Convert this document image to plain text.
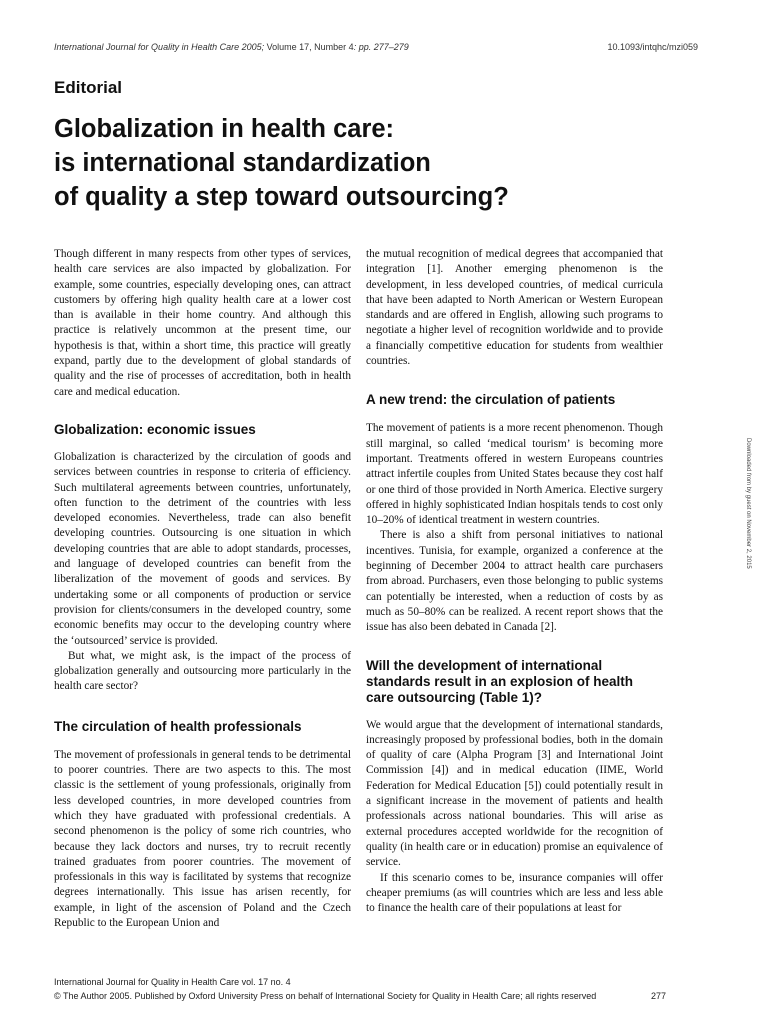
International Journal for Quality in Health Care 2005; Volume 17, Number 4: pp. 277–279	10.1093/intqhc/mzi059
Editorial
Globalization in health care:
is international standardization
of quality a step toward outsourcing?

Though different in many respects from other types of services, health care services are also impacted by globalization. For example, some countries, especially developing ones, can attract customers by offering high quality health care at a lower cost than is available in their home country. And although this practice is relatively uncommon at the present time, our hypothesis is that, within a short time, this practice will greatly expand, partly due to the development of global standards of quality and the rise of processes of accreditation, both in health care and medical education.

Globalization: economic issues

Globalization is characterized by the circulation of goods and services between countries in response to criteria of efficiency. Such multilateral agreements between countries, unfortunately, often function to the detriment of the countries with less developed economies. Nevertheless, trade can also benefit developing countries. Outsourcing is one situation in which developing countries that are able to adopt standards, processes, and language of developed countries can benefit from the liberalization of the movement of goods and services. By undertaking some or all components of production or service provision for clients/consumers in the developed country, some economic benefits may occur to the developing country where the ‘outsourced’ service is provided.

But what, we might ask, is the impact of the process of globalization generally and outsourcing more particularly in the health care sector?

The circulation of health professionals

The movement of professionals in general tends to be detrimental to poorer countries. There are two aspects to this. The most classic is the settlement of young professionals, originally from less developed countries, in more developed countries from which they have graduated with professional credentials. A second phenomenon is the policy of some rich countries, who because they lack doctors and nurses, try to recruit recently trained graduates from poorer countries. The movement of professionals in this way is facilitated by systems that recognize degrees internationally. This issue has arisen recently, for example, in light of the ascension of Poland and the Czech Republic to the European Union and

the mutual recognition of medical degrees that accompanied that integration [1]. Another emerging phenomenon is the development, in less developed countries, of medical curricula that have been adapted to North American or Western European standards and are offered in English, allowing such programs to negotiate a higher level of recognition worldwide and to provide a financially competitive education for students from wealthier countries.

A new trend: the circulation of patients

The movement of patients is a more recent phenomenon. Though still marginal, so called ‘medical tourism’ is becoming more important. Treatments offered in western Europeans countries attract infertile couples from United States because they cost half or one third of those provided in North America. Elective surgery offered in highly sophisticated Indian hospitals tends to cost only 10–20% of identical treatment in western countries.

There is also a shift from personal initiatives to national incentives. Tunisia, for example, organized a conference at the beginning of December 2004 to attract health care purchasers from abroad. Purchasers, even those belonging to public systems can potentially be interested, when a reduction of costs by as much as 50–80% can be realized. A recent report shows that the issue has also been debated in Canada [2].

Will the development of international standards result in an explosion of health care outsourcing (Table 1)?

We would argue that the development of international standards, increasingly proposed by professional bodies, both in the domain of quality of care (Alpha Program [3] and International Joint Commission [4]) and in medical education (IIME, World Federation for Medical Education [5]) could potentially result in a significant increase in the movement of patients and health professionals across national boundaries. This will arise as external procedures accepted worldwide for the recognition of quality (in health care or in education) promise an equivalence of service.

If this scenario comes to be, insurance companies will offer cheaper premiums (as will countries which are less and less able to finance the health care of their populations at least for

Downloaded from by guest on November 2, 2015
International Journal for Quality in Health Care vol. 17 no. 4
© The Author 2005. Published by Oxford University Press on behalf of International Society for Quality in Health Care; all rights reserved	277
